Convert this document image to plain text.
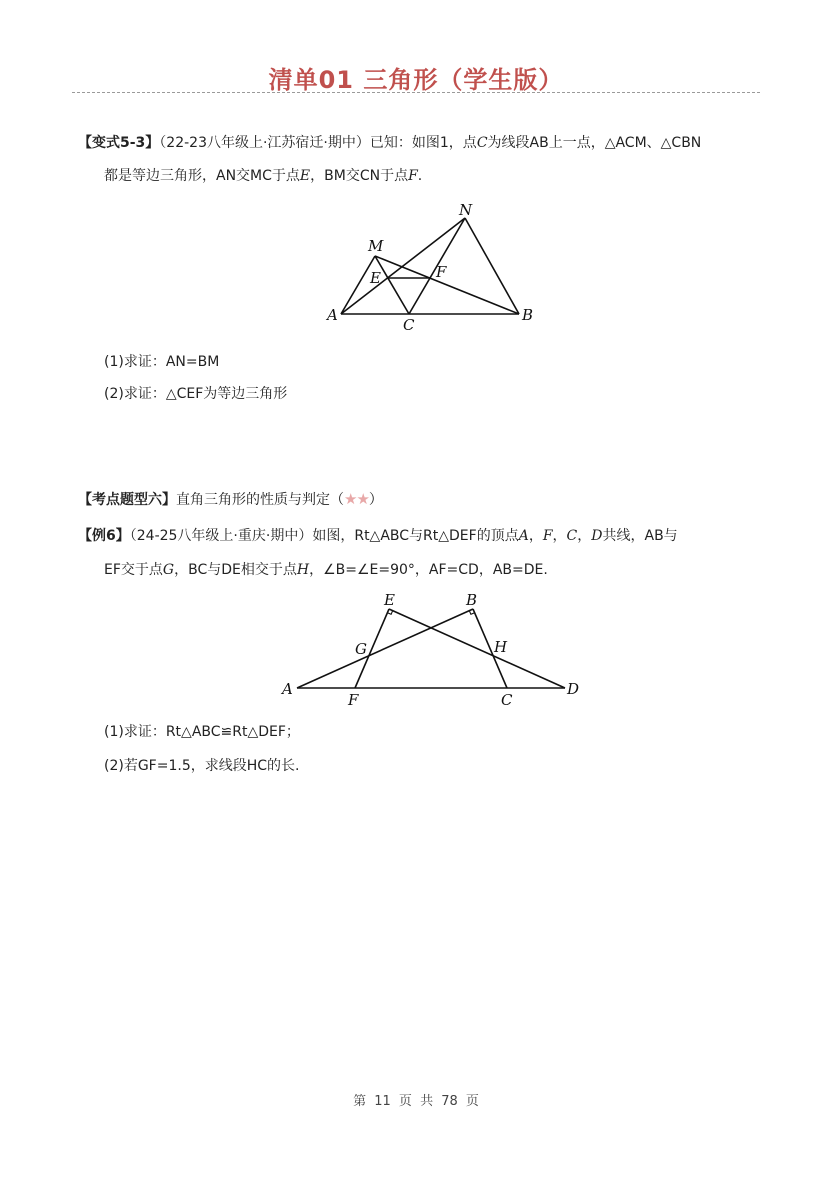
清单01 三角形（学生版）
【变式5-3】（22-23八年级上·江苏宿迁·期中）已知：如图1，点C为线段AB上一点，△ACM、△CBN
都是等边三角形，AN交MC于点E，BM交CN于点F.
N
M
E	F
A
C
B
(1)求证：AN=BM
(2)求证：△CEF为等边三角形
【考点题型六】直角三角形的性质与判定（★★）
【例6】（24-25八年级上·重庆·期中）如图，Rt△ABC与Rt△DEF的顶点A，F，C，D共线，AB与
EF交于点G，BC与DE相交于点H，∠B=∠E=90°，AF=CD，AB=DE.
E	B
G	H
A
F	C
D
(1)求证：Rt△ABC≌Rt△DEF；
(2)若GF=1.5，求线段HC的长.
第 11 页 共 78 页
